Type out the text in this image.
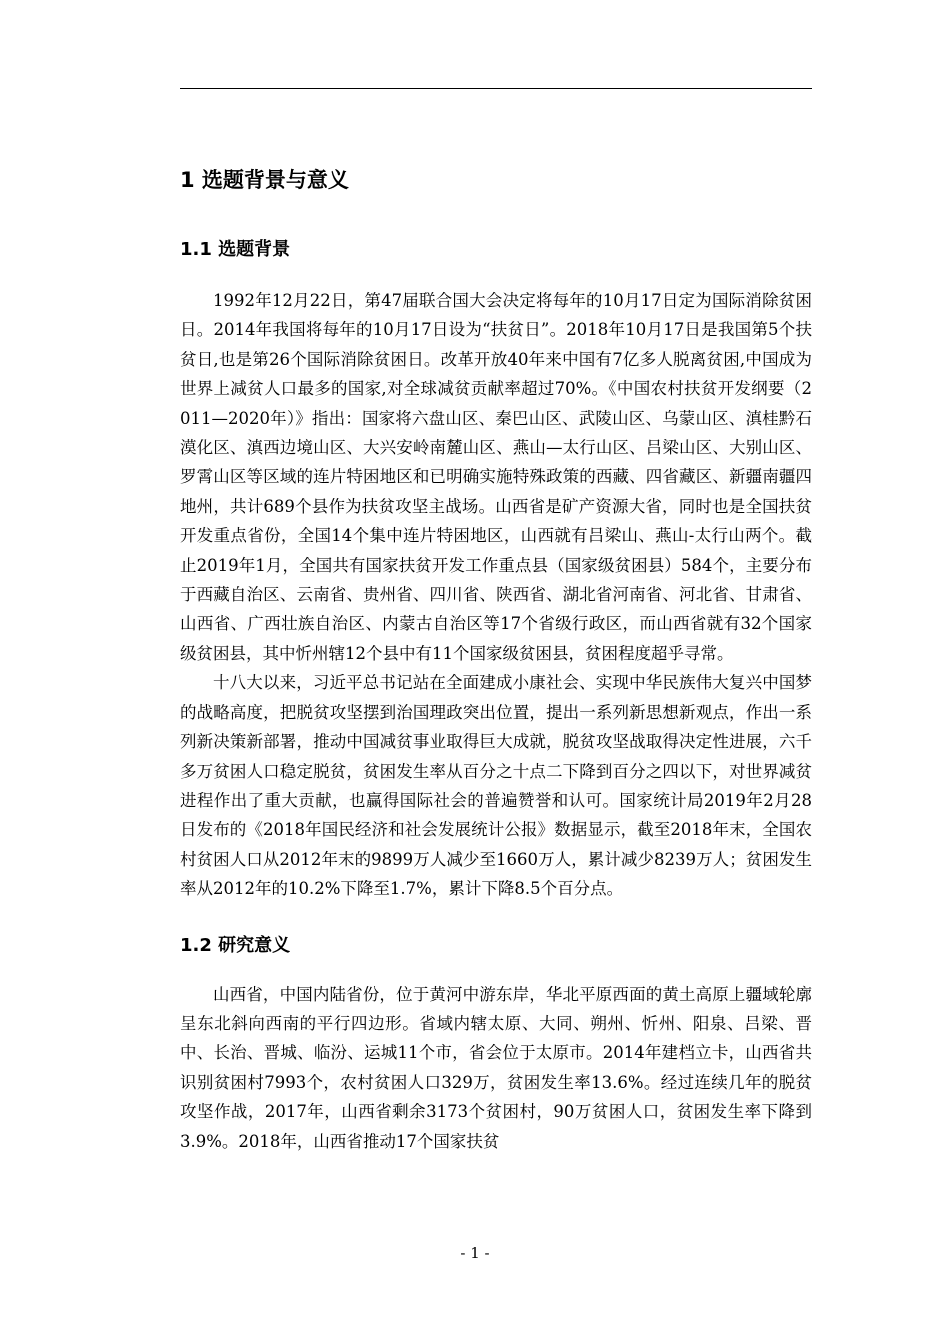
1 选题背景与意义
1.1 选题背景

1992年12月22日，第47届联合国大会决定将每年的10月17日定为国际消除贫困日。2014年我国将每年的10月17日设为“扶贫日”。2018年10月17日是我国第5个扶贫日,也是第26个国际消除贫困日。改革开放40年来中国有7亿多人脱离贫困,中国成为世界上减贫人口最多的国家,对全球减贫贡献率超过70%。《中国农村扶贫开发纲要（2011—2020年）》指出：国家将六盘山区、秦巴山区、武陵山区、乌蒙山区、滇桂黔石漠化区、滇西边境山区、大兴安岭南麓山区、燕山—太行山区、吕梁山区、大别山区、罗霄山区等区域的连片特困地区和已明确实施特殊政策的西藏、四省藏区、新疆南疆四地州，共计689个县作为扶贫攻坚主战场。山西省是矿产资源大省，同时也是全国扶贫开发重点省份，全国14个集中连片特困地区，山西就有吕梁山、燕山-太行山两个。截止2019年1月，全国共有国家扶贫开发工作重点县（国家级贫困县）584个，主要分布于西藏自治区、云南省、贵州省、四川省、陕西省、湖北省河南省、河北省、甘肃省、山西省、广西壮族自治区、内蒙古自治区等17个省级行政区，而山西省就有32个国家级贫困县，其中忻州辖12个县中有11个国家级贫困县，贫困程度超乎寻常。

十八大以来，习近平总书记站在全面建成小康社会、实现中华民族伟大复兴中国梦的战略高度，把脱贫攻坚摆到治国理政突出位置，提出一系列新思想新观点，作出一系列新决策新部署，推动中国减贫事业取得巨大成就，脱贫攻坚战取得决定性进展，六千多万贫困人口稳定脱贫，贫困发生率从百分之十点二下降到百分之四以下，对世界减贫进程作出了重大贡献，也赢得国际社会的普遍赞誉和认可。国家统计局2019年2月28日发布的《2018年国民经济和社会发展统计公报》数据显示，截至2018年末，全国农村贫困人口从2012年末的9899万人减少至1660万人，累计减少8239万人；贫困发生率从2012年的10.2%下降至1.7%，累计下降8.5个百分点。

1.2 研究意义

山西省，中国内陆省份，位于黄河中游东岸，华北平原西面的黄土高原上疆域轮廓呈东北斜向西南的平行四边形。省域内辖太原、大同、朔州、忻州、阳泉、吕梁、晋中、长治、晋城、临汾、运城11个市，省会位于太原市。2014年建档立卡，山西省共识别贫困村7993个，农村贫困人口329万，贫困发生率13.6%。经过连续几年的脱贫攻坚作战，2017年，山西省剩余3173个贫困村，90万贫困人口，贫困发生率下降到3.9%。2018年，山西省推动17个国家扶贫

- 1 -
